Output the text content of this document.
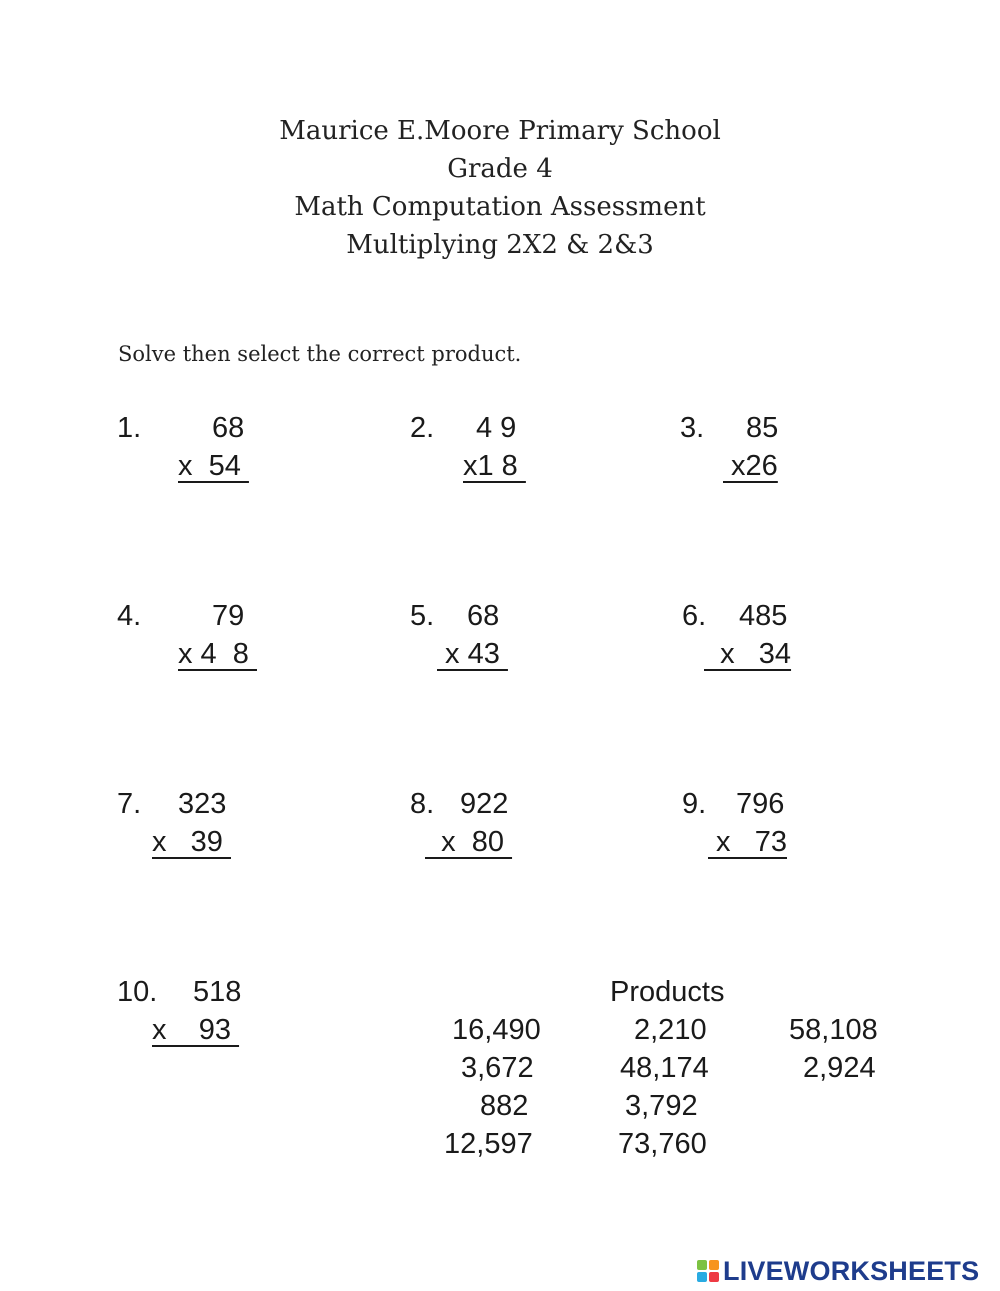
Maurice E.Moore Primary School
Grade 4
Math Computation Assessment
Multiplying 2X2 & 2&3
Solve then select the correct product.

1.

68

x  54

2.

4 9

x1 8

3.

85

x26

4.

79

x 4  8

5.

68

x 43

6.

485

x   34

7.

323

x   39

8.

922

x  80

9.

796

x   73

10.

518

x    93

Products
16,490	2,210	58,108
3,672	48,174	2,924
882	3,792
12,597	73,760
LIVEWORKSHEETS
